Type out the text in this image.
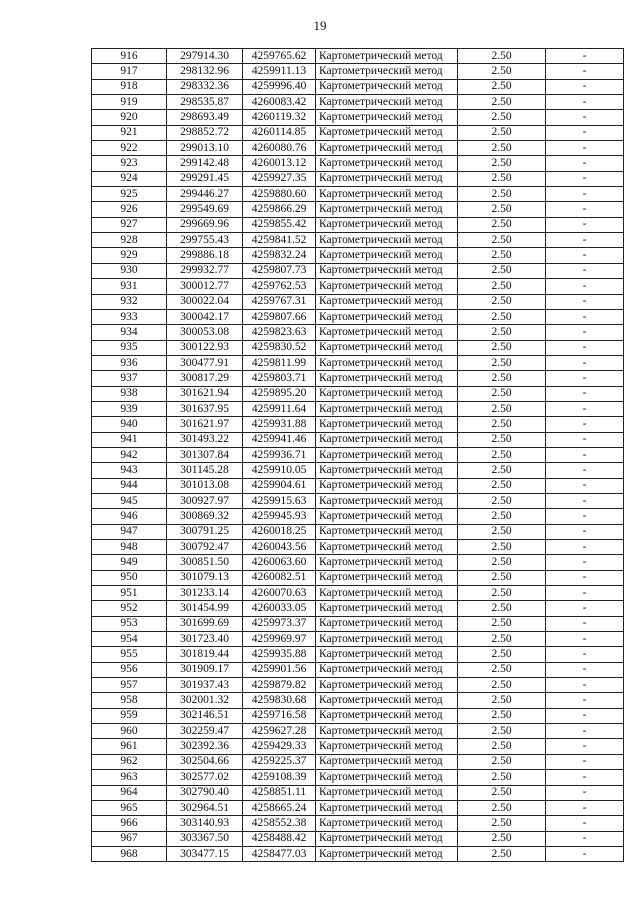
19
916	297914.30	4259765.62	Картометрический метод	2.50	-
917	298132.96	4259911.13	Картометрический метод	2.50	-
918	298332.36	4259996.40	Картометрический метод	2.50	-
919	298535.87	4260083.42	Картометрический метод	2.50	-
920	298693.49	4260119.32	Картометрический метод	2.50	-
921	298852.72	4260114.85	Картометрический метод	2.50	-
922	299013.10	4260080.76	Картометрический метод	2.50	-
923	299142.48	4260013.12	Картометрический метод	2.50	-
924	299291.45	4259927.35	Картометрический метод	2.50	-
925	299446.27	4259880.60	Картометрический метод	2.50	-
926	299549.69	4259866.29	Картометрический метод	2.50	-
927	299669.96	4259855.42	Картометрический метод	2.50	-
928	299755.43	4259841.52	Картометрический метод	2.50	-
929	299886.18	4259832.24	Картометрический метод	2.50	-
930	299932.77	4259807.73	Картометрический метод	2.50	-
931	300012.77	4259762.53	Картометрический метод	2.50	-
932	300022.04	4259767.31	Картометрический метод	2.50	-
933	300042.17	4259807.66	Картометрический метод	2.50	-
934	300053.08	4259823.63	Картометрический метод	2.50	-
935	300122.93	4259830.52	Картометрический метод	2.50	-
936	300477.91	4259811.99	Картометрический метод	2.50	-
937	300817.29	4259803.71	Картометрический метод	2.50	-
938	301621.94	4259895.20	Картометрический метод	2.50	-
939	301637.95	4259911.64	Картометрический метод	2.50	-
940	301621.97	4259931.88	Картометрический метод	2.50	-
941	301493.22	4259941.46	Картометрический метод	2.50	-
942	301307.84	4259936.71	Картометрический метод	2.50	-
943	301145.28	4259910.05	Картометрический метод	2.50	-
944	301013.08	4259904.61	Картометрический метод	2.50	-
945	300927.97	4259915.63	Картометрический метод	2.50	-
946	300869.32	4259945.93	Картометрический метод	2.50	-
947	300791.25	4260018.25	Картометрический метод	2.50	-
948	300792.47	4260043.56	Картометрический метод	2.50	-
949	300851.50	4260063.60	Картометрический метод	2.50	-
950	301079.13	4260082.51	Картометрический метод	2.50	-
951	301233.14	4260070.63	Картометрический метод	2.50	-
952	301454.99	4260033.05	Картометрический метод	2.50	-
953	301699.69	4259973.37	Картометрический метод	2.50	-
954	301723.40	4259969.97	Картометрический метод	2.50	-
955	301819.44	4259935.88	Картометрический метод	2.50	-
956	301909.17	4259901.56	Картометрический метод	2.50	-
957	301937.43	4259879.82	Картометрический метод	2.50	-
958	302001.32	4259830.68	Картометрический метод	2.50	-
959	302146.51	4259716.58	Картометрический метод	2.50	-
960	302259.47	4259627.28	Картометрический метод	2.50	-
961	302392.36	4259429.33	Картометрический метод	2.50	-
962	302504.66	4259225.37	Картометрический метод	2.50	-
963	302577.02	4259108.39	Картометрический метод	2.50	-
964	302790.40	4258851.11	Картометрический метод	2.50	-
965	302964.51	4258665.24	Картометрический метод	2.50	-
966	303140.93	4258552.38	Картометрический метод	2.50	-
967	303367.50	4258488.42	Картометрический метод	2.50	-
968	303477.15	4258477.03	Картометрический метод	2.50	-
